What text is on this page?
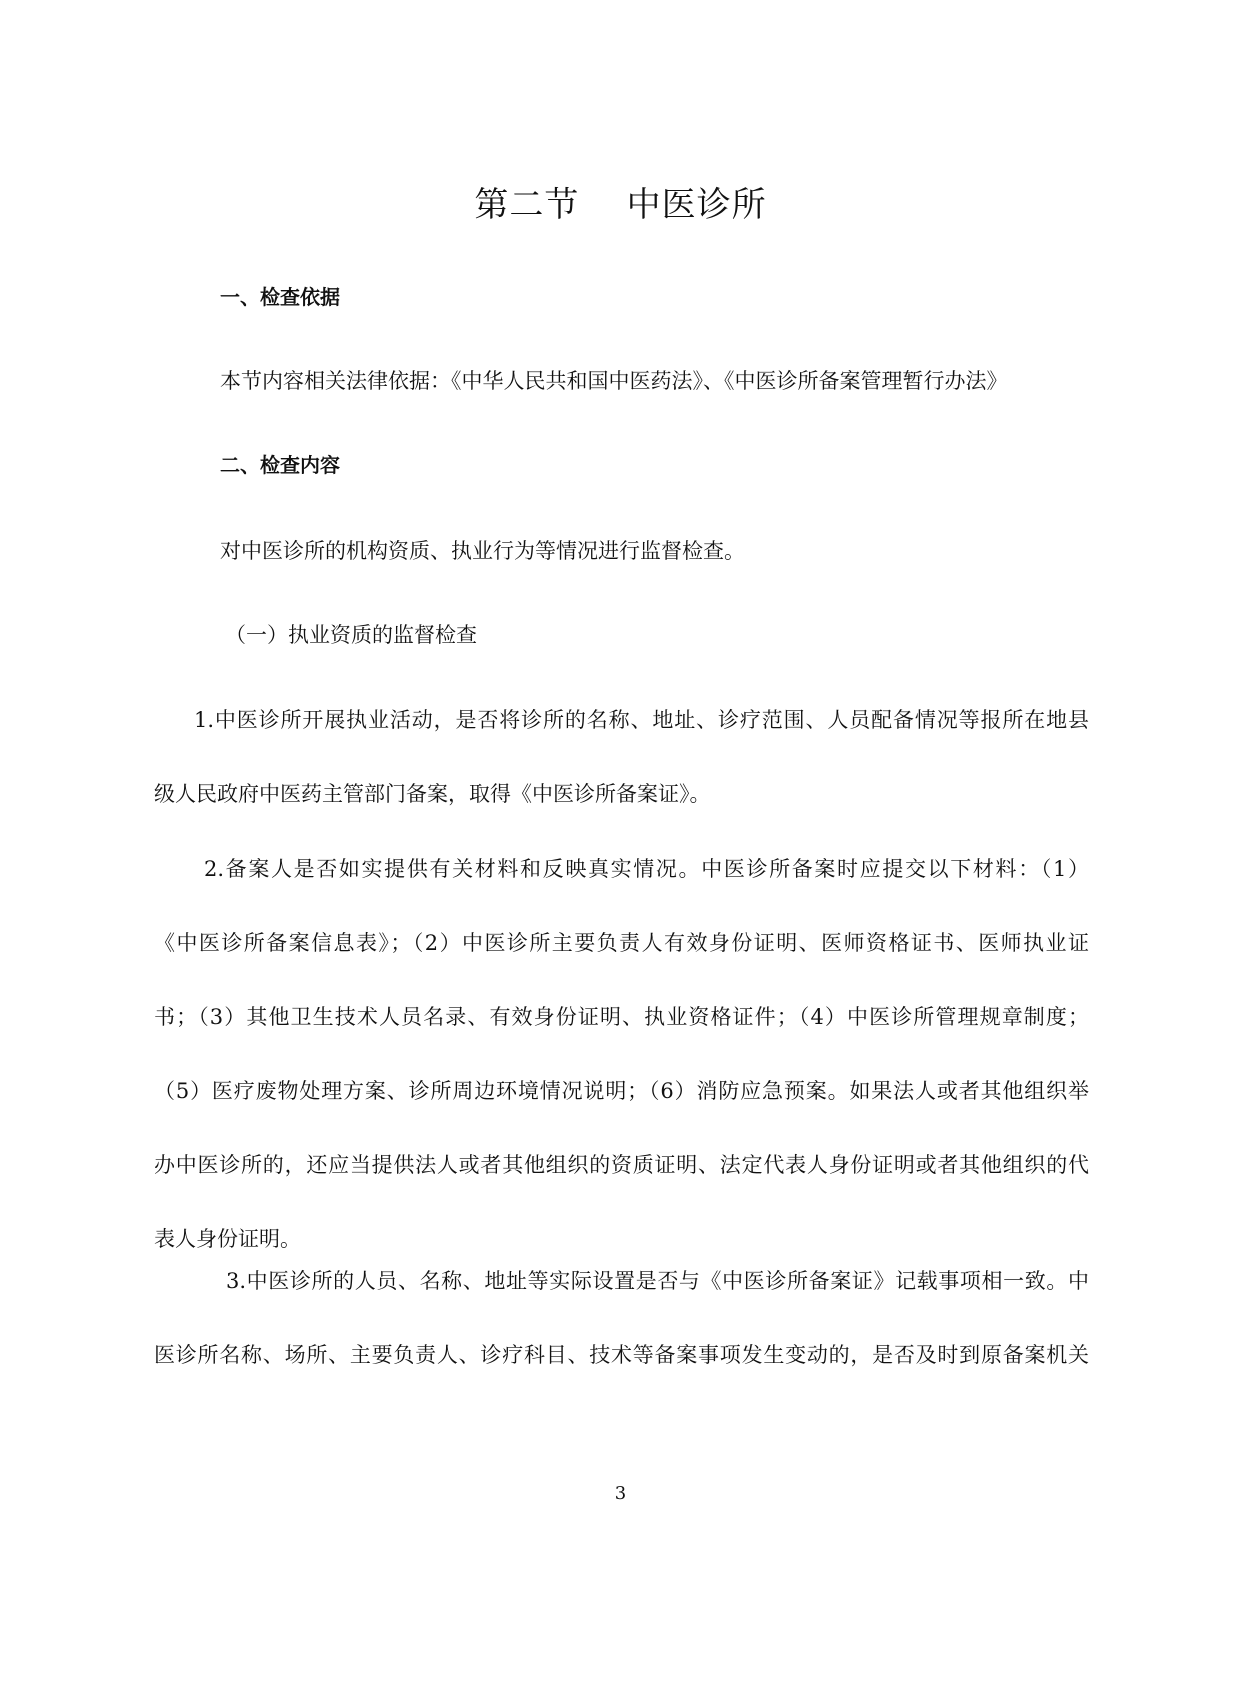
第二节    中医诊所
一、检查依据
本节内容相关法律依据：《中华人民共和国中医药法》、《中医诊所备案管理暂行办法》
二、检查内容
对中医诊所的机构资质、执业行为等情况进行监督检查。
（一）执业资质的监督检查
1.中医诊所开展执业活动，是否将诊所的名称、地址、诊疗范围、人员配备情况等报所在地县
级人民政府中医药主管部门备案，取得《中医诊所备案证》。
2.备案人是否如实提供有关材料和反映真实情况。中医诊所备案时应提交以下材料：（1）
《中医诊所备案信息表》；（2）中医诊所主要负责人有效身份证明、医师资格证书、医师执业证
书；（3）其他卫生技术人员名录、有效身份证明、执业资格证件；（4）中医诊所管理规章制度；
（5）医疗废物处理方案、诊所周边环境情况说明；（6）消防应急预案。如果法人或者其他组织举
办中医诊所的，还应当提供法人或者其他组织的资质证明、法定代表人身份证明或者其他组织的代
表人身份证明。
3.中医诊所的人员、名称、地址等实际设置是否与《中医诊所备案证》记载事项相一致。中
医诊所名称、场所、主要负责人、诊疗科目、技术等备案事项发生变动的，是否及时到原备案机关
3
